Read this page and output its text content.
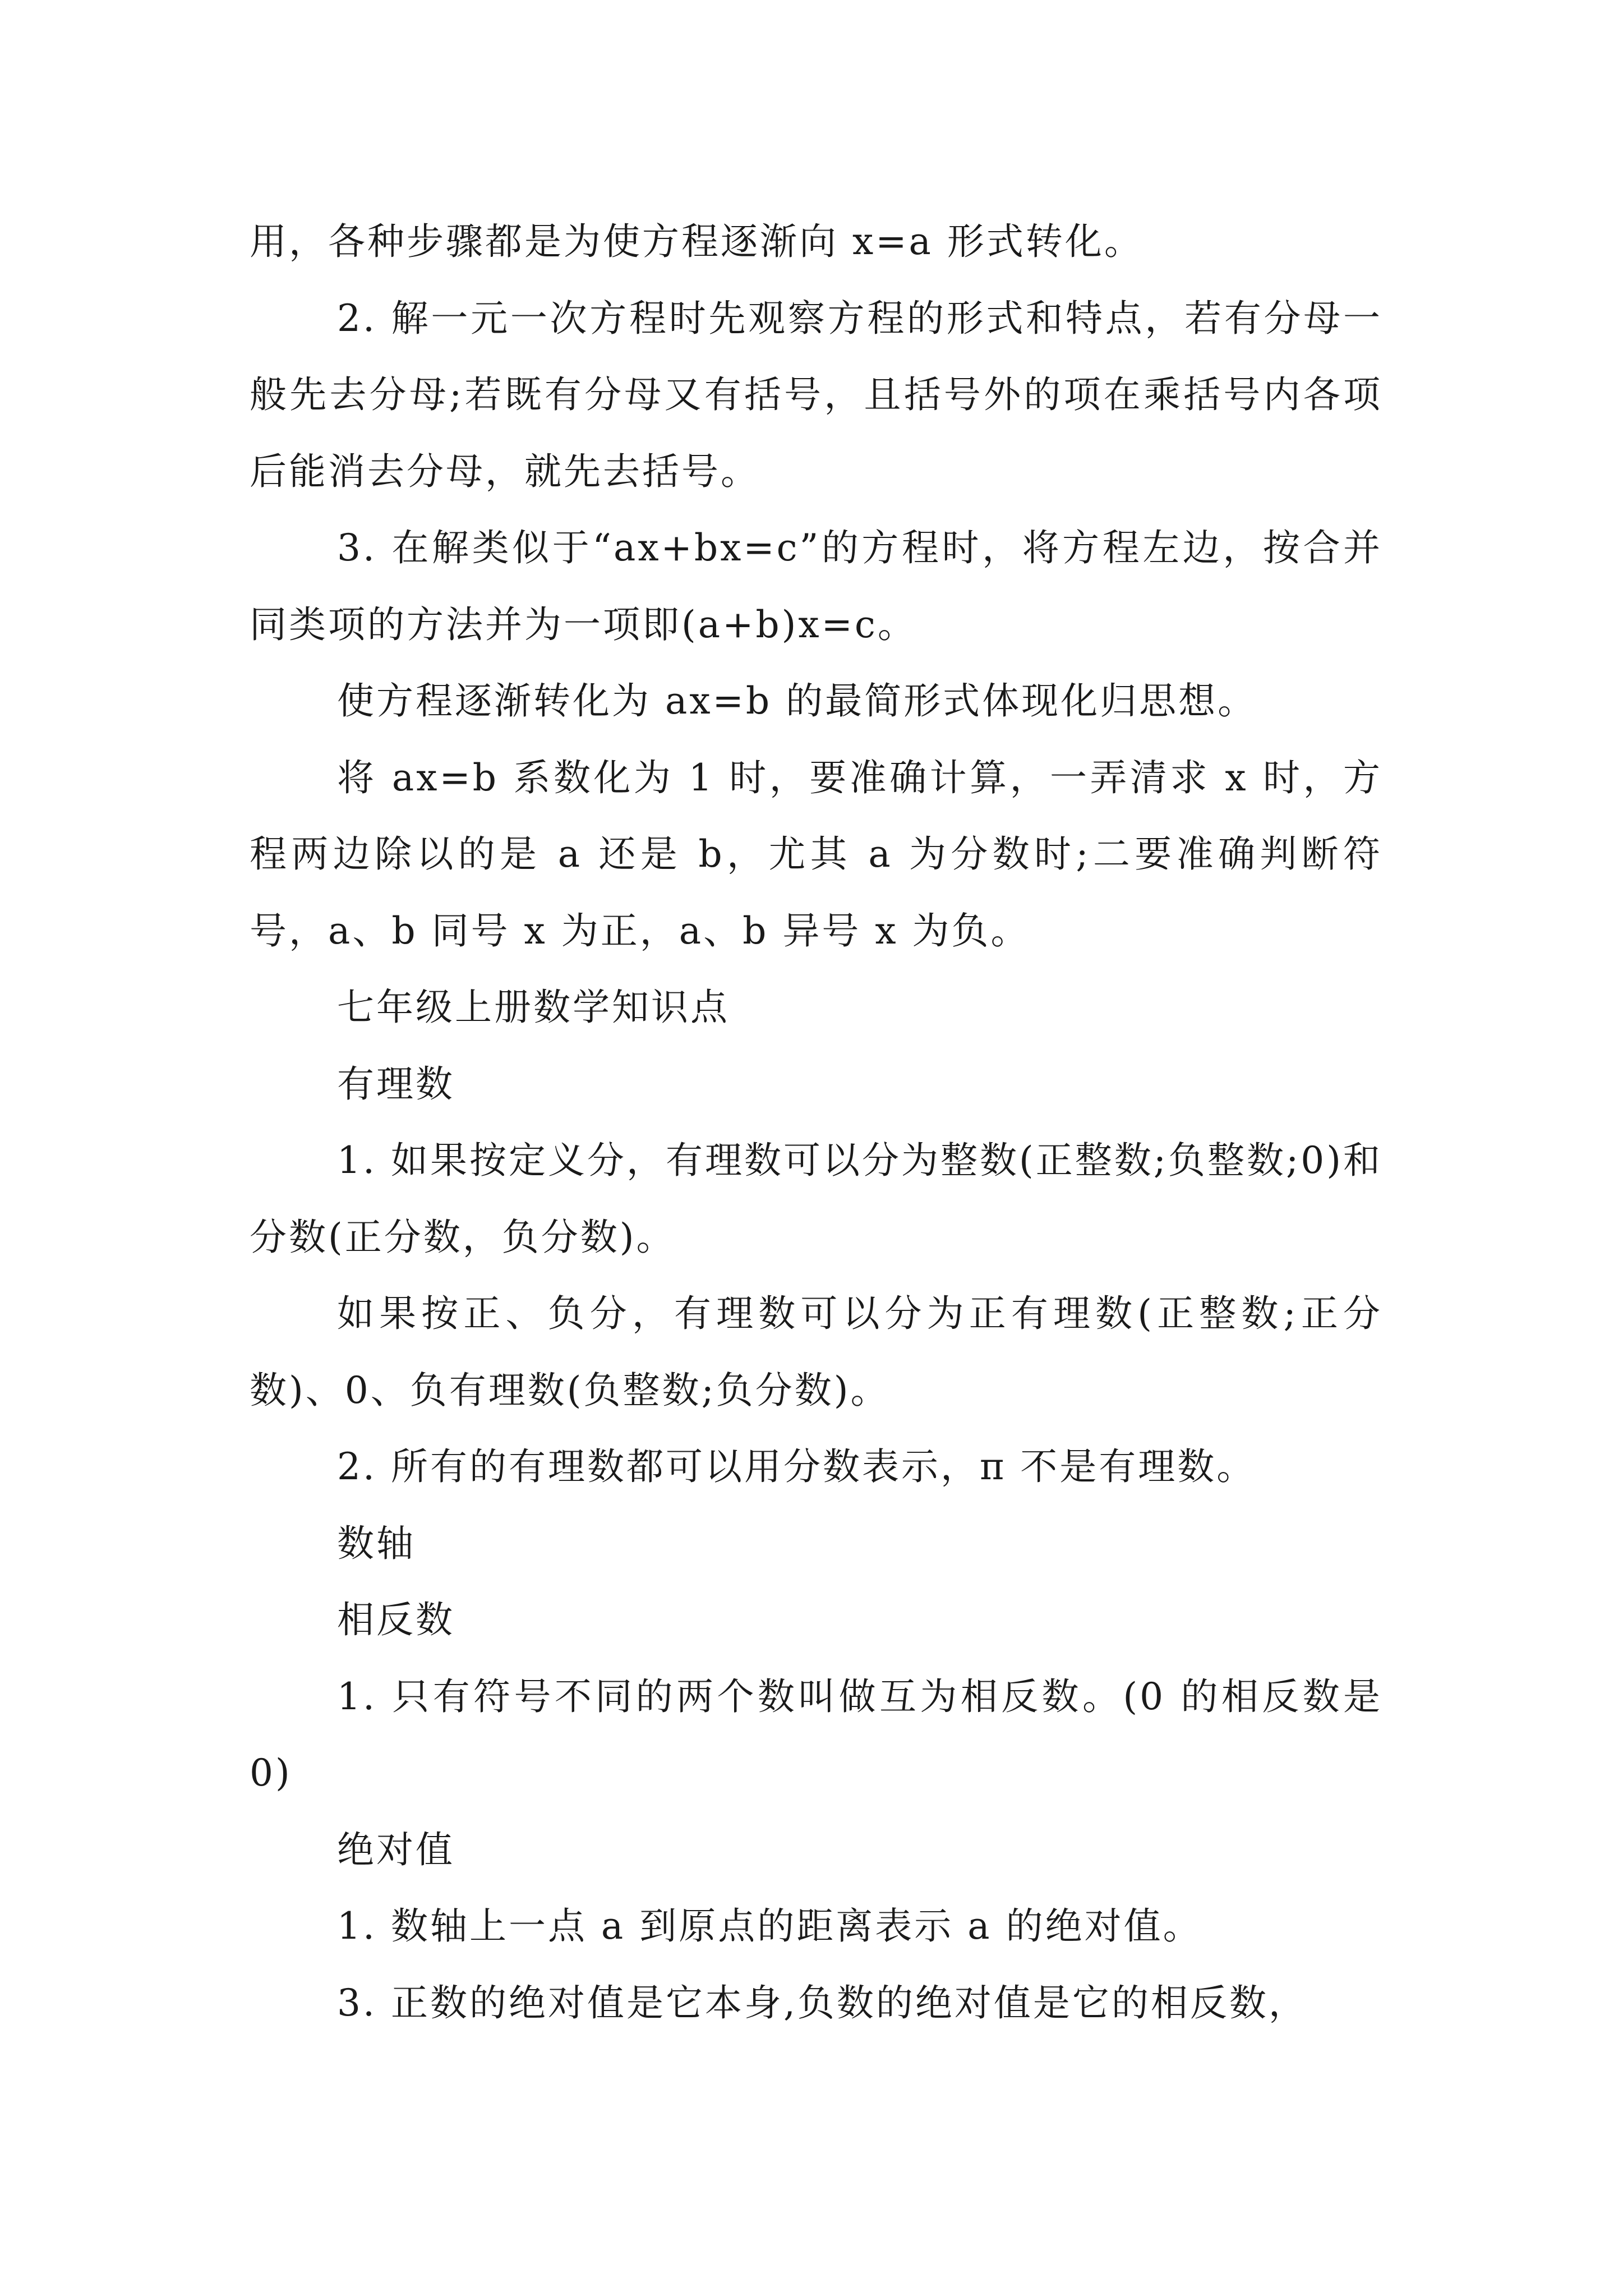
用，各种步骤都是为使方程逐渐向 x=a 形式转化。

2. 解一元一次方程时先观察方程的形式和特点，若有分母一般先去分母;若既有分母又有括号，且括号外的项在乘括号内各项后能消去分母，就先去括号。

3. 在解类似于“ax+bx=c”的方程时，将方程左边，按合并同类项的方法并为一项即(a+b)x=c。

使方程逐渐转化为 ax=b 的最简形式体现化归思想。

将 ax=b 系数化为 1 时，要准确计算，一弄清求 x 时，方程两边除以的是 a 还是 b，尤其 a 为分数时;二要准确判断符号，a、b 同号 x 为正，a、b 异号 x 为负。

七年级上册数学知识点

有理数

1. 如果按定义分，有理数可以分为整数(正整数;负整数;0)和分数(正分数，负分数)。

如果按正、负分，有理数可以分为正有理数(正整数;正分数)、0、负有理数(负整数;负分数)。

2. 所有的有理数都可以用分数表示，π 不是有理数。

数轴

相反数

1. 只有符号不同的两个数叫做互为相反数。(0 的相反数是 0)

绝对值

1. 数轴上一点 a 到原点的距离表示 a 的绝对值。

3. 正数的绝对值是它本身,负数的绝对值是它的相反数，
